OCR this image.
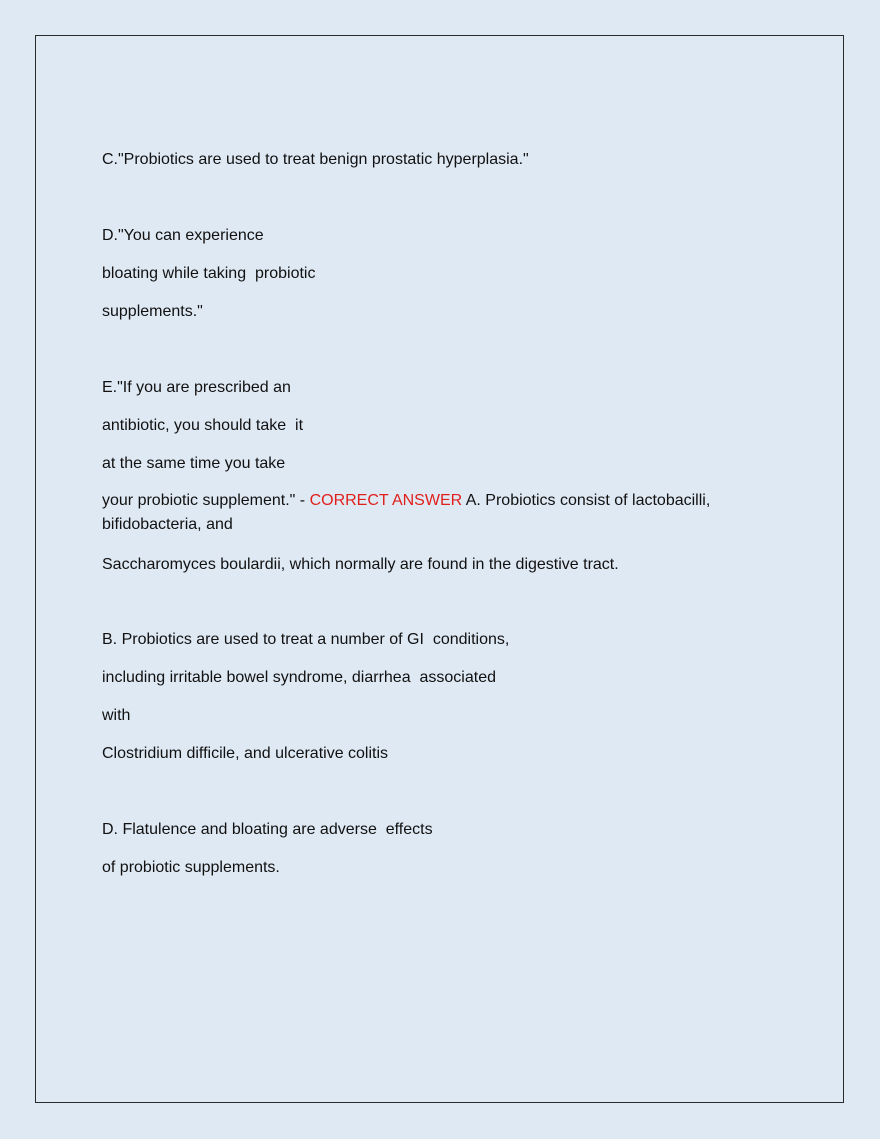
C."Probiotics are used to treat benign prostatic hyperplasia."
D."You can experience
bloating while taking  probiotic
supplements."
E."If you are prescribed an
antibiotic, you should take  it
at the same time you take
your probiotic supplement." - CORRECT ANSWER A. Probiotics consist of lactobacilli, bifidobacteria, and
Saccharomyces boulardii, which normally are found in the digestive tract.
B. Probiotics are used to treat a number of GI  conditions,
including irritable bowel syndrome, diarrhea  associated
with
Clostridium difficile, and ulcerative colitis
D. Flatulence and bloating are adverse  effects
of probiotic supplements.
